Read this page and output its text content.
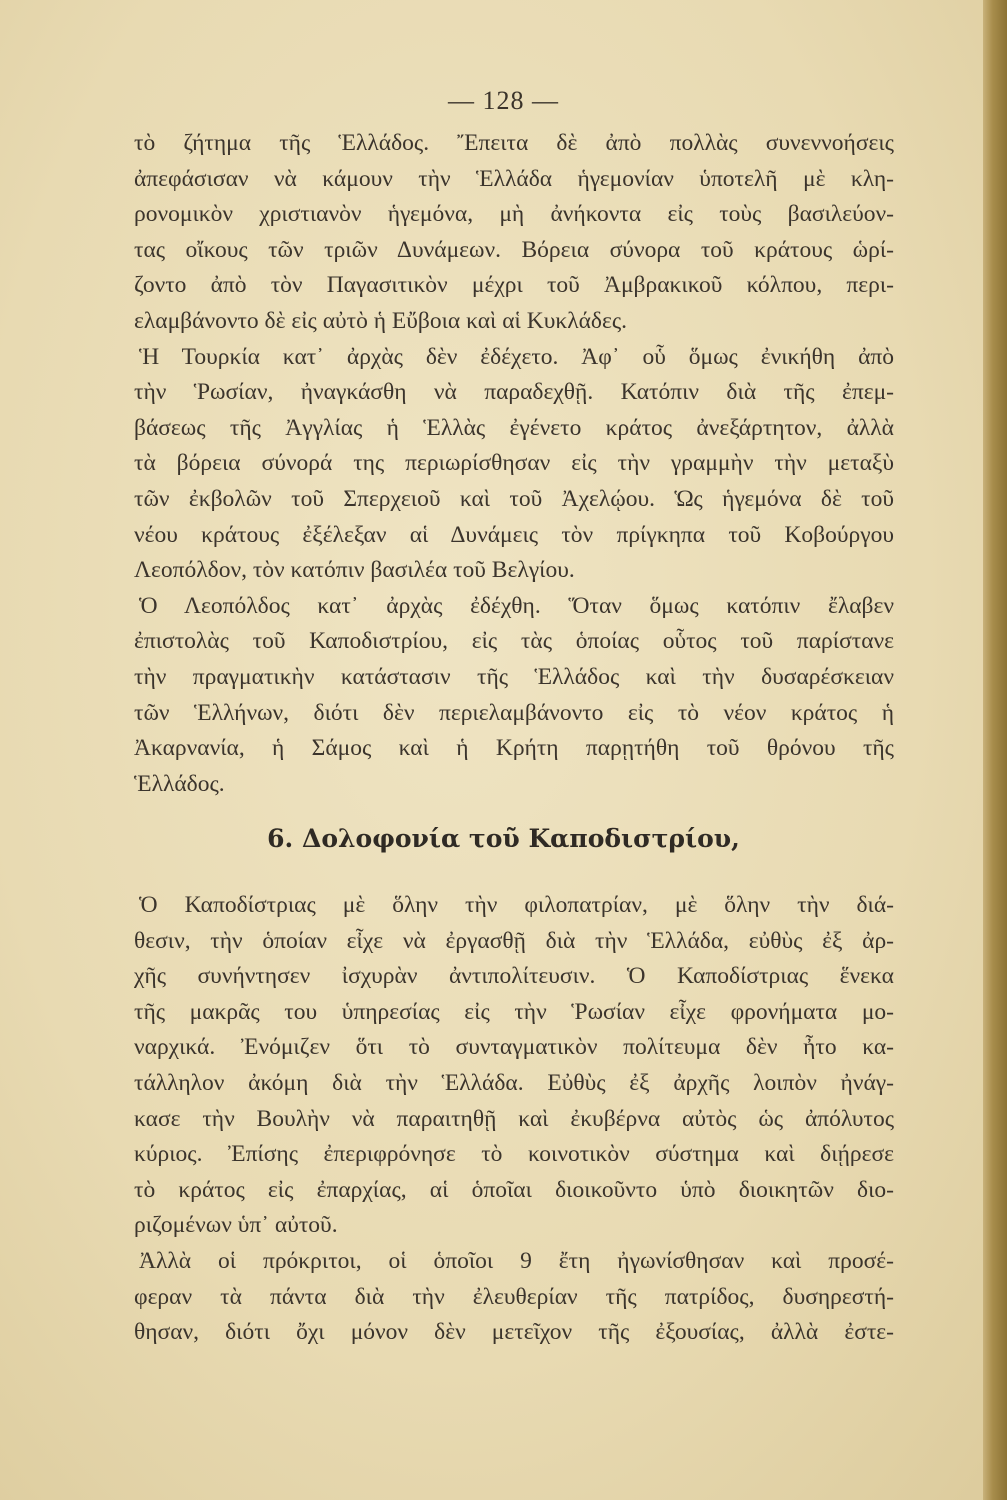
— 128 —
τὸ ζήτημα τῆς Ἑλλάδος. Ἔπειτα δὲ ἀπὸ πολλὰς συνεννοήσεις
ἀπεφάσισαν νὰ κάμουν τὴν Ἑλλάδα ἡγεμονίαν ὑποτελῆ μὲ κλη-
ρονομικὸν χριστιανὸν ἡγεμόνα, μὴ ἀνήκοντα εἰς τοὺς βασιλεύον-
τας οἴκους τῶν τριῶν Δυνάμεων. Βόρεια σύνορα τοῦ κράτους ὡρί-
ζοντο ἀπὸ τὸν Παγασιτικὸν μέχρι τοῦ Ἀμβρακικοῦ κόλπου, περι-
ελαμβάνοντο δὲ εἰς αὐτὸ ἡ Εὔβοια καὶ αἱ Κυκλάδες.
Ἡ Τουρκία κατ᾿ ἀρχὰς δὲν ἐδέχετο. Ἀφ᾿ οὗ ὅμως ἐνικήθη ἀπὸ
τὴν Ῥωσίαν, ἠναγκάσθη νὰ παραδεχθῇ. Κατόπιν διὰ τῆς ἐπεμ-
βάσεως τῆς Ἀγγλίας ἡ Ἑλλὰς ἐγένετο κράτος ἀνεξάρτητον, ἀλλὰ
τὰ βόρεια σύνορά της περιωρίσθησαν εἰς τὴν γραμμὴν τὴν μεταξὺ
τῶν ἐκβολῶν τοῦ Σπερχειοῦ καὶ τοῦ Ἀχελῴου. Ὡς ἡγεμόνα δὲ τοῦ
νέου κράτους ἐξέλεξαν αἱ Δυνάμεις τὸν πρίγκηπα τοῦ Κοβούργου
Λεοπόλδον, τὸν κατόπιν βασιλέα τοῦ Βελγίου.
Ὁ Λεοπόλδος κατ᾿ ἀρχὰς ἐδέχθη. Ὅταν ὅμως κατόπιν ἔλαβεν
ἐπιστολὰς τοῦ Καποδιστρίου, εἰς τὰς ὁποίας οὗτος τοῦ παρίστανε
τὴν πραγματικὴν κατάστασιν τῆς Ἑλλάδος καὶ τὴν δυσαρέσκειαν
τῶν Ἑλλήνων, διότι δὲν περιελαμβάνοντο εἰς τὸ νέον κράτος ἡ
Ἀκαρνανία, ἡ Σάμος καὶ ἡ Κρήτη παρῃτήθη τοῦ θρόνου τῆς
Ἑλλάδος.
6. Δολοφονία τοῦ Καποδιστρίου,
Ὁ Καποδίστριας μὲ ὅλην τὴν φιλοπατρίαν, μὲ ὅλην τὴν διά-
θεσιν, τὴν ὁποίαν εἶχε νὰ ἐργασθῇ διὰ τὴν Ἑλλάδα, εὐθὺς ἐξ ἀρ-
χῆς συνήντησεν ἰσχυρὰν ἀντιπολίτευσιν. Ὁ Καποδίστριας ἕνεκα
τῆς μακρᾶς του ὑπηρεσίας εἰς τὴν Ῥωσίαν εἶχε φρονήματα μο-
ναρχικά. Ἐνόμιζεν ὅτι τὸ συνταγματικὸν πολίτευμα δὲν ἦτο κα-
τάλληλον ἀκόμη διὰ τὴν Ἑλλάδα. Εὐθὺς ἐξ ἀρχῆς λοιπὸν ἠνάγ-
κασε τὴν Βουλὴν νὰ παραιτηθῇ καὶ ἐκυβέρνα αὐτὸς ὡς ἀπόλυτος
κύριος. Ἐπίσης ἐπεριφρόνησε τὸ κοινοτικὸν σύστημα καὶ διῄρεσε
τὸ κράτος εἰς ἐπαρχίας, αἱ ὁποῖαι διοικοῦντο ὑπὸ διοικητῶν διο-
ριζομένων ὑπ᾿ αὐτοῦ.
Ἀλλὰ οἱ πρόκριτοι, οἱ ὁποῖοι 9 ἔτη ἠγωνίσθησαν καὶ προσέ-
φεραν τὰ πάντα διὰ τὴν ἐλευθερίαν τῆς πατρίδος, δυσηρεστή-
θησαν, διότι ὄχι μόνον δὲν μετεῖχον τῆς ἐξουσίας, ἀλλὰ ἐστε-
